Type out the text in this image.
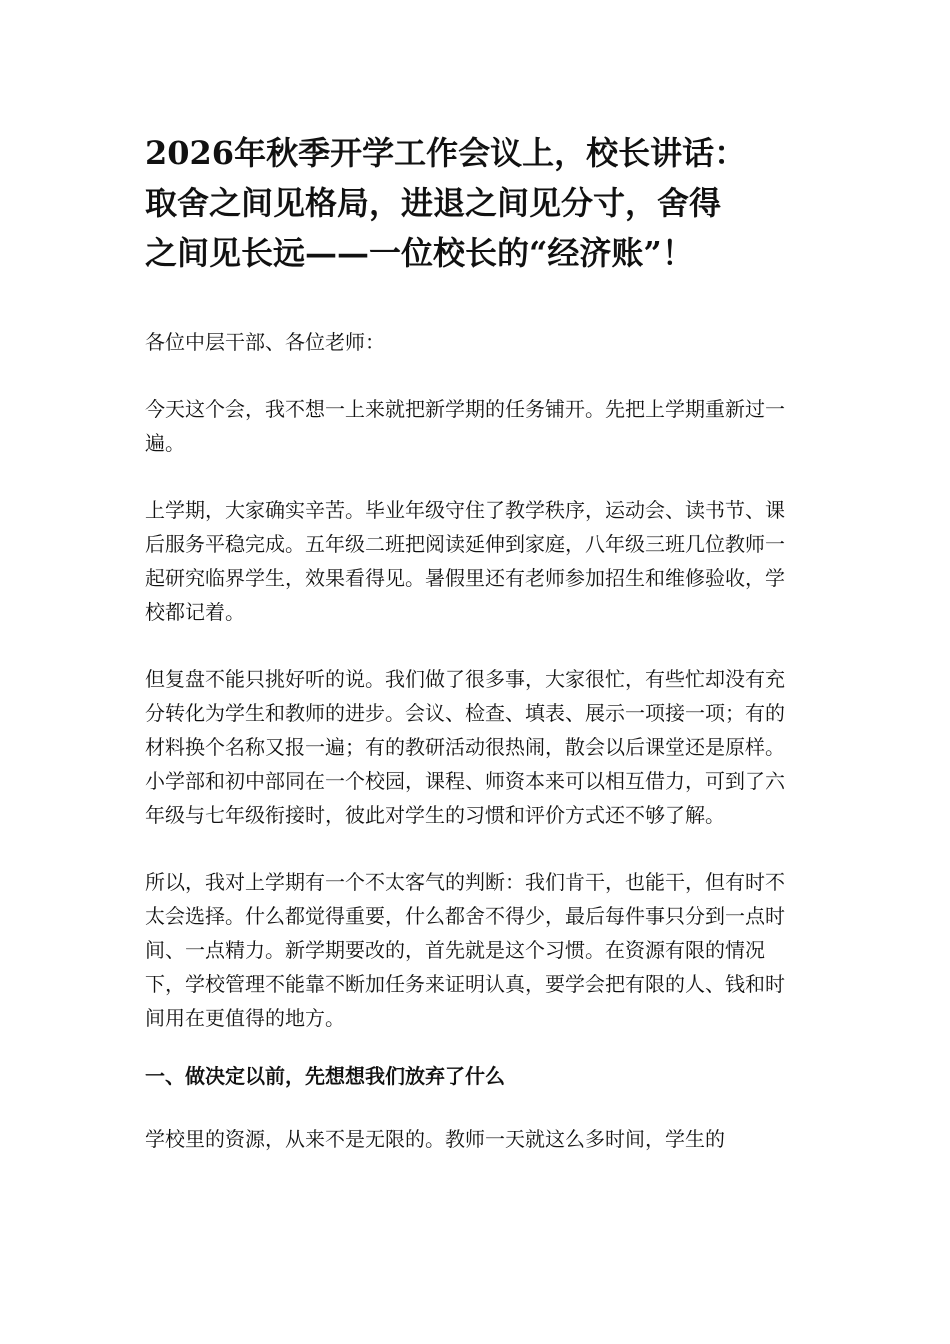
2026年秋季开学工作会议上，校长讲话：
取舍之间见格局，进退之间见分寸，舍得
之间见长远——一位校长的“经济账”！

各位中层干部、各位老师：

今天这个会，我不想一上来就把新学期的任务铺开。先把上学期重新过一遍。

上学期，大家确实辛苦。毕业年级守住了教学秩序，运动会、读书节、课后服务平稳完成。五年级二班把阅读延伸到家庭，八年级三班几位教师一起研究临界学生，效果看得见。暑假里还有老师参加招生和维修验收，学校都记着。

但复盘不能只挑好听的说。我们做了很多事，大家很忙，有些忙却没有充分转化为学生和教师的进步。会议、检查、填表、展示一项接一项；有的材料换个名称又报一遍；有的教研活动很热闹，散会以后课堂还是原样。小学部和初中部同在一个校园，课程、师资本来可以相互借力，可到了六年级与七年级衔接时，彼此对学生的习惯和评价方式还不够了解。

所以，我对上学期有一个不太客气的判断：我们肯干，也能干，但有时不太会选择。什么都觉得重要，什么都舍不得少，最后每件事只分到一点时间、一点精力。新学期要改的，首先就是这个习惯。在资源有限的情况下，学校管理不能靠不断加任务来证明认真，要学会把有限的人、钱和时间用在更值得的地方。

一、做决定以前，先想想我们放弃了什么

学校里的资源，从来不是无限的。教师一天就这么多时间，学生的
